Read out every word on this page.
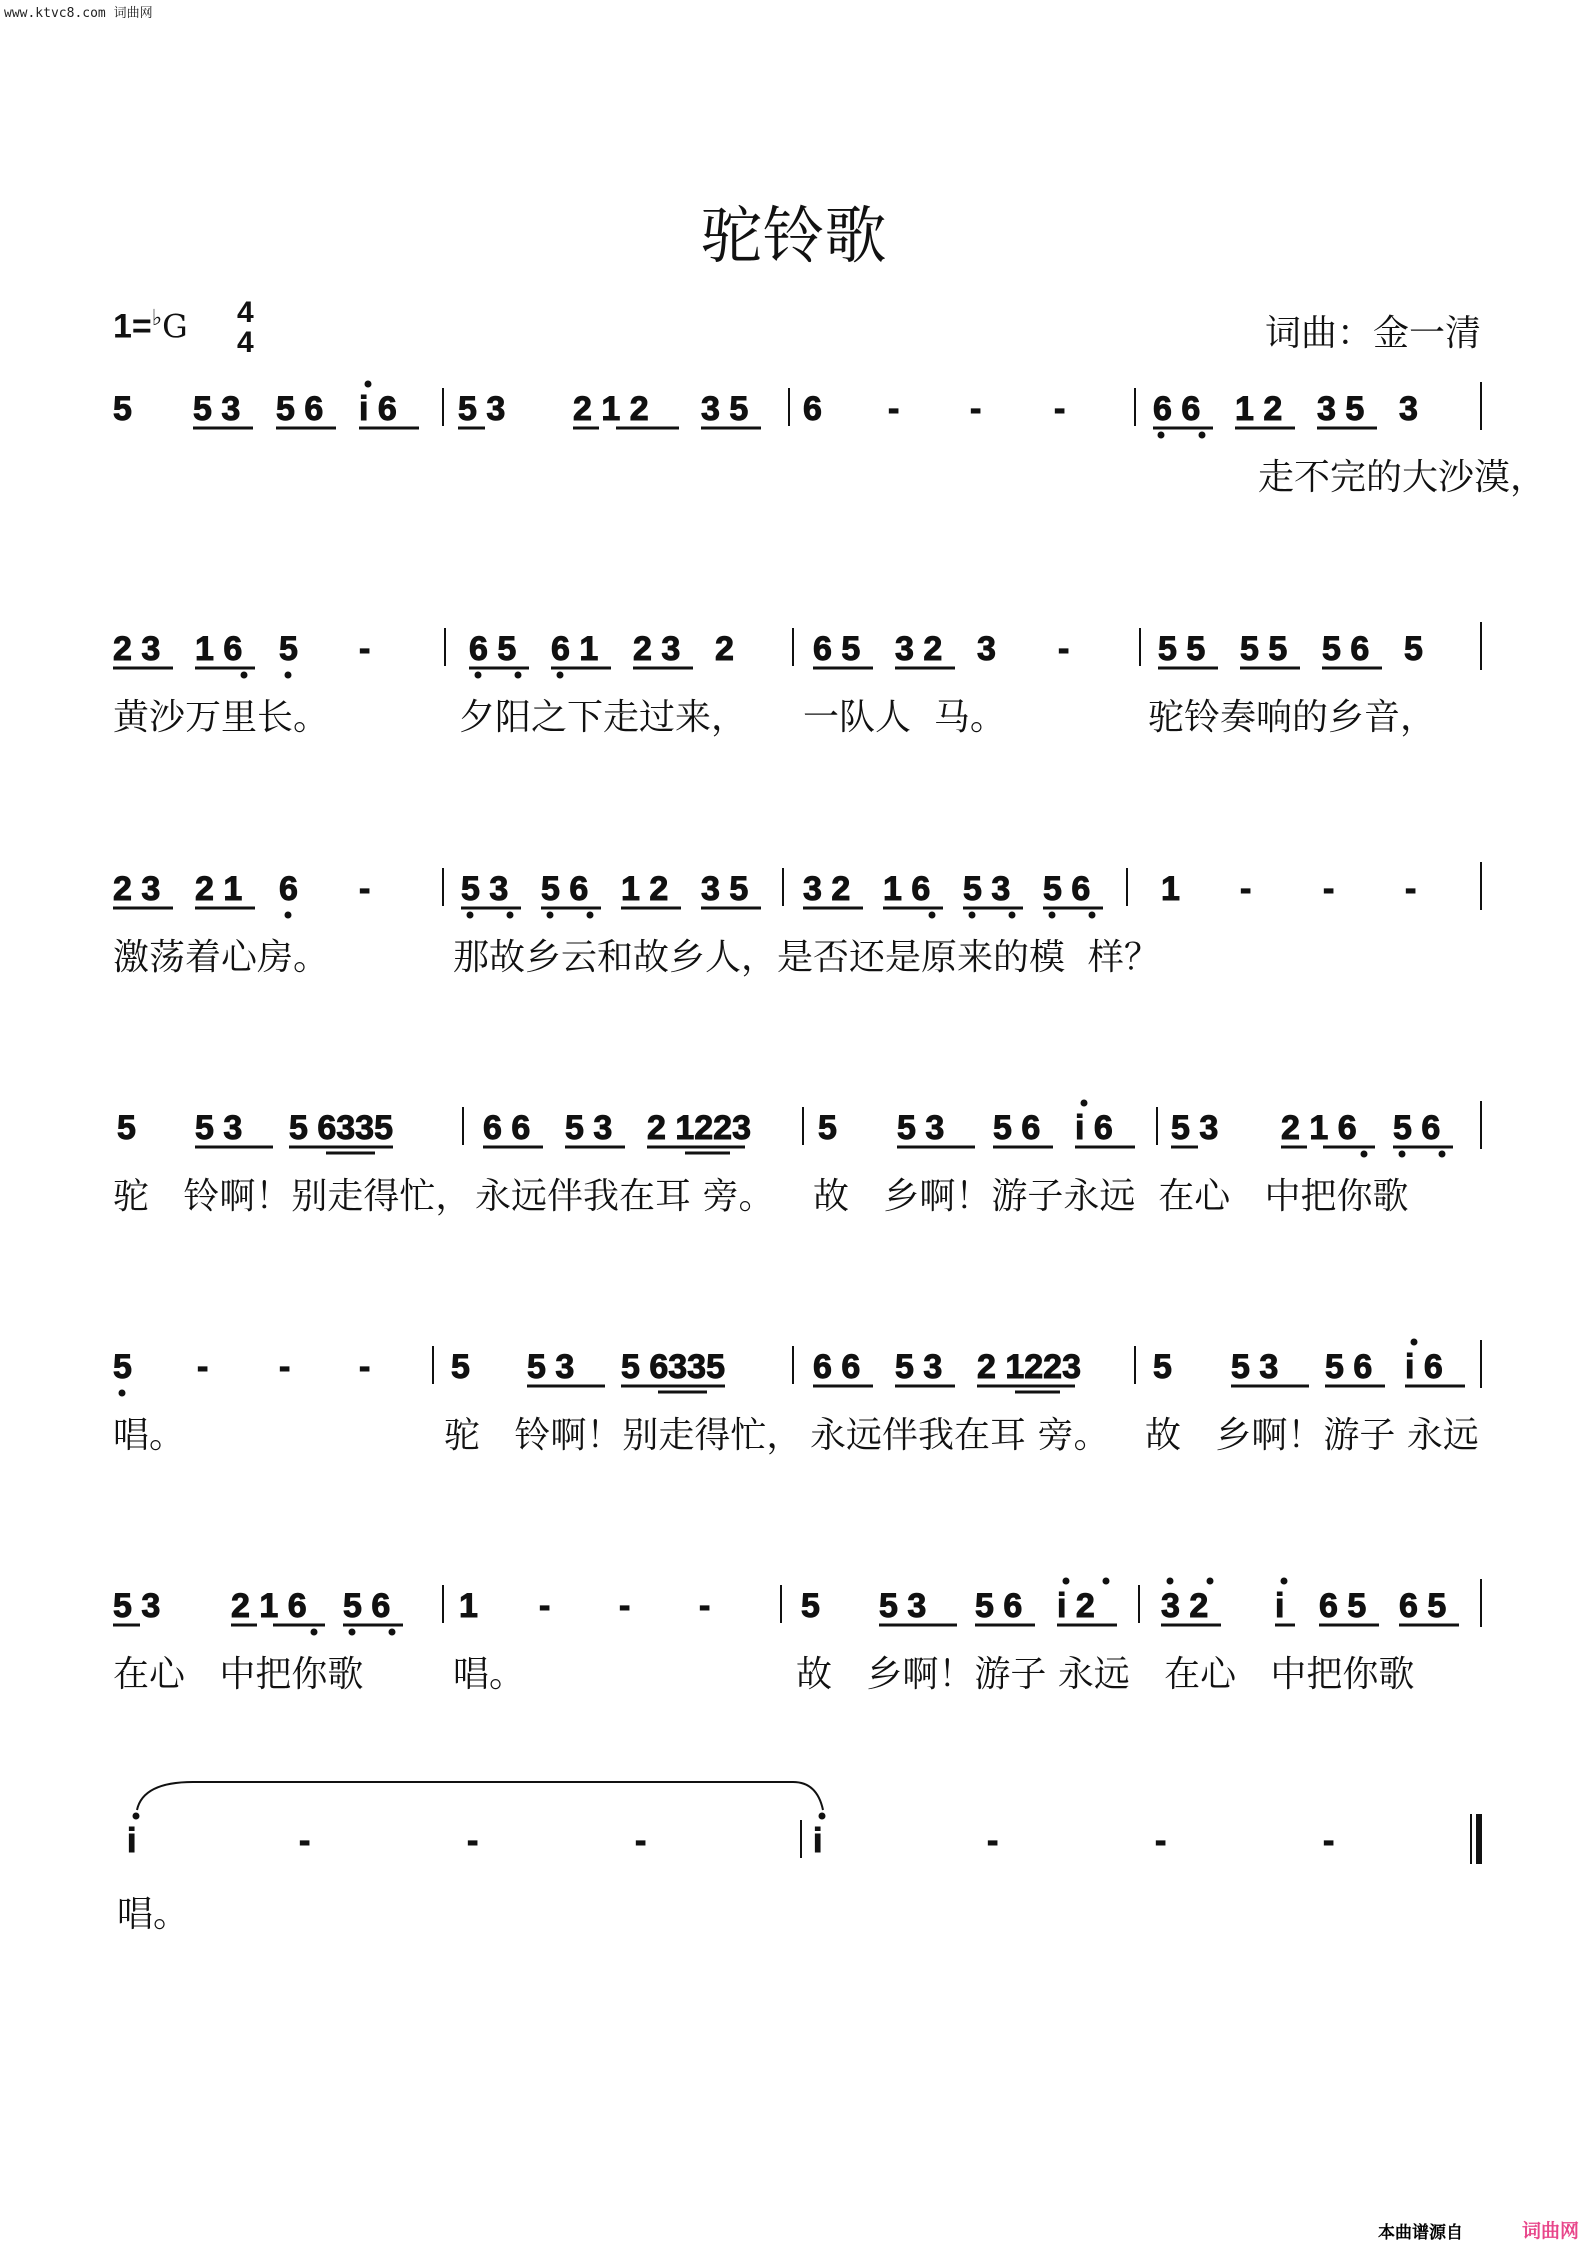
www.ktvc8.com 词曲网
驼铃歌
1=♭G 4
4	词曲：金一清
5 5 3 5 6 i 6 5 3 2 1 2 3 5 6 - - -	6 6 1 2 3 5 3
2 3 1 6 5 -	6 5 6 1 2 3 2 6 5 3 2 3 -	5 5 5 5 5 6 5
2 3 2 1 6 -	5 3 5 6 1 2 3 5 3 2 1 6 5 3 5 6 1 - - -
5 5 3 5 6335	6 6 5 3 2 1223 5 5 3 5 6 i 6 5 3 2 1 6 5 6
5 - - - 5 5 3 5 6335	6 6 5 3 2 1223 5 5 3 5 6 i 6
5 3 2 1 6 5 6 1 - - -	5 5 3 5 6 i 2 3 2 i 6 5 6 5
i	-	-	-	i	-	-	-
走不完的大沙漠，
黄沙万里长。	夕阳之下走过来， 一队人  马。	驼铃奏响的乡音，
激荡着心房。	那故乡云和故乡人，是否还是原来的模  样？
驼   铃啊！别走得忙， 永远伴我在耳 旁。 故   乡啊！游子永远  在心   中把你歌
唱。	驼   铃啊！别走得忙， 永远伴我在耳 旁。 故   乡啊！游子 永远
在心   中把你歌 唱。	故   乡啊！游子 永远   在心   中把你歌
唱。
本曲谱源自	词曲网
